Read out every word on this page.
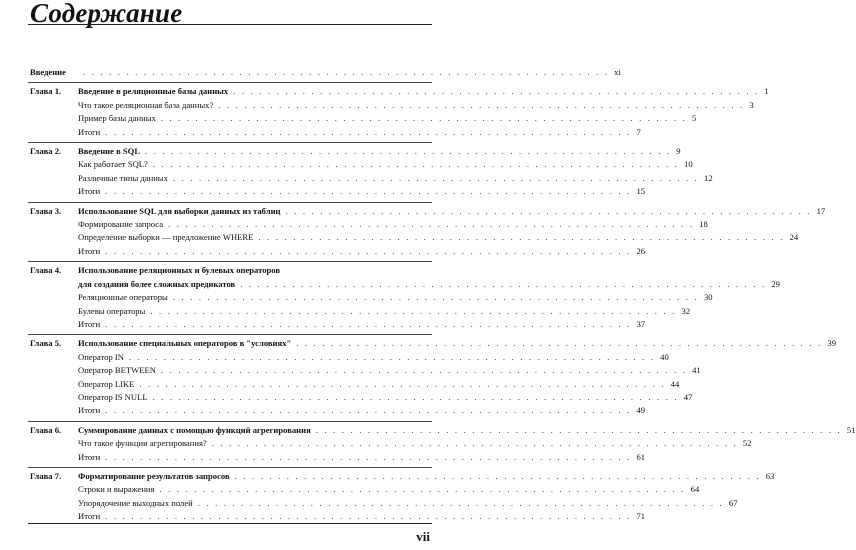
Содержание
Введение . . . . . . . . . . . . . . . . . . . . . . . . . . . . . . . . . . . . . . . . . . . . . . . . . . . . . . . . . . . . . xi
Глава 1.	Введение в реляционные базы данных . . . . . . . . . . . . . . . . . . . . . . . . . . . . . . . . . . . . . . . . . . . . . . . . . . . . . . . . . . . . . 1
Что такое реляционная база данных? . . . . . . . . . . . . . . . . . . . . . . . . . . . . . . . . . . . . . . . . . . . . . . . . . . . . . . . . . . . . . 3
Пример базы данных . . . . . . . . . . . . . . . . . . . . . . . . . . . . . . . . . . . . . . . . . . . . . . . . . . . . . . . . . . . . . 5
Итоги . . . . . . . . . . . . . . . . . . . . . . . . . . . . . . . . . . . . . . . . . . . . . . . . . . . . . . . . . . . . . 7
Глава 2.	Введение в SQL . . . . . . . . . . . . . . . . . . . . . . . . . . . . . . . . . . . . . . . . . . . . . . . . . . . . . . . . . . . . . 9
Как работает SQL? . . . . . . . . . . . . . . . . . . . . . . . . . . . . . . . . . . . . . . . . . . . . . . . . . . . . . . . . . . . . . 10
Различные типы данных . . . . . . . . . . . . . . . . . . . . . . . . . . . . . . . . . . . . . . . . . . . . . . . . . . . . . . . . . . . . . 12
Итоги . . . . . . . . . . . . . . . . . . . . . . . . . . . . . . . . . . . . . . . . . . . . . . . . . . . . . . . . . . . . . 15
Глава 3.	Использование SQL для выборки данных из таблиц . . . . . . . . . . . . . . . . . . . . . . . . . . . . . . . . . . . . . . . . . . . . . . . . . . . . . . . . . . . . . 17
Формирование запроса . . . . . . . . . . . . . . . . . . . . . . . . . . . . . . . . . . . . . . . . . . . . . . . . . . . . . . . . . . . . . 18
Определение выборки — предложение WHERE . . . . . . . . . . . . . . . . . . . . . . . . . . . . . . . . . . . . . . . . . . . . . . . . . . . . . . . . . . . . . 24
Итоги . . . . . . . . . . . . . . . . . . . . . . . . . . . . . . . . . . . . . . . . . . . . . . . . . . . . . . . . . . . . . 26
Глава 4.	Использование реляционных и булевых операторов
для создания более сложных предикатов . . . . . . . . . . . . . . . . . . . . . . . . . . . . . . . . . . . . . . . . . . . . . . . . . . . . . . . . . . . . . 29
Реляционные операторы . . . . . . . . . . . . . . . . . . . . . . . . . . . . . . . . . . . . . . . . . . . . . . . . . . . . . . . . . . . . . 30
Булевы операторы . . . . . . . . . . . . . . . . . . . . . . . . . . . . . . . . . . . . . . . . . . . . . . . . . . . . . . . . . . . . . 32
Итоги . . . . . . . . . . . . . . . . . . . . . . . . . . . . . . . . . . . . . . . . . . . . . . . . . . . . . . . . . . . . . 37
Глава 5.	Использование специальных операторов в "условиях" . . . . . . . . . . . . . . . . . . . . . . . . . . . . . . . . . . . . . . . . . . . . . . . . . . . . . . . . . . . . . 39
Оператор IN . . . . . . . . . . . . . . . . . . . . . . . . . . . . . . . . . . . . . . . . . . . . . . . . . . . . . . . . . . . . . 40
Оператор BETWEEN . . . . . . . . . . . . . . . . . . . . . . . . . . . . . . . . . . . . . . . . . . . . . . . . . . . . . . . . . . . . . 41
Оператор LIKE . . . . . . . . . . . . . . . . . . . . . . . . . . . . . . . . . . . . . . . . . . . . . . . . . . . . . . . . . . . . . 44
Оператор IS NULL . . . . . . . . . . . . . . . . . . . . . . . . . . . . . . . . . . . . . . . . . . . . . . . . . . . . . . . . . . . . . 47
Итоги . . . . . . . . . . . . . . . . . . . . . . . . . . . . . . . . . . . . . . . . . . . . . . . . . . . . . . . . . . . . . 49
Глава 6.	Суммирование данных с помощью функций агрегирования . . . . . . . . . . . . . . . . . . . . . . . . . . . . . . . . . . . . . . . . . . . . . . . . . . . . . . . . . . . . . 51
Что такое функции агрегирования? . . . . . . . . . . . . . . . . . . . . . . . . . . . . . . . . . . . . . . . . . . . . . . . . . . . . . . . . . . . . . 52
Итоги . . . . . . . . . . . . . . . . . . . . . . . . . . . . . . . . . . . . . . . . . . . . . . . . . . . . . . . . . . . . . 61
Глава 7.	Форматирование результатов запросов . . . . . . . . . . . . . . . . . . . . . . . . . . . . . . . . . . . . . . . . . . . . . . . . . . . . . . . . . . . . . 63
Строки и выражения . . . . . . . . . . . . . . . . . . . . . . . . . . . . . . . . . . . . . . . . . . . . . . . . . . . . . . . . . . . . . 64
Упорядочение выходных полей . . . . . . . . . . . . . . . . . . . . . . . . . . . . . . . . . . . . . . . . . . . . . . . . . . . . . . . . . . . . . 67
Итоги . . . . . . . . . . . . . . . . . . . . . . . . . . . . . . . . . . . . . . . . . . . . . . . . . . . . . . . . . . . . . 71
vii
